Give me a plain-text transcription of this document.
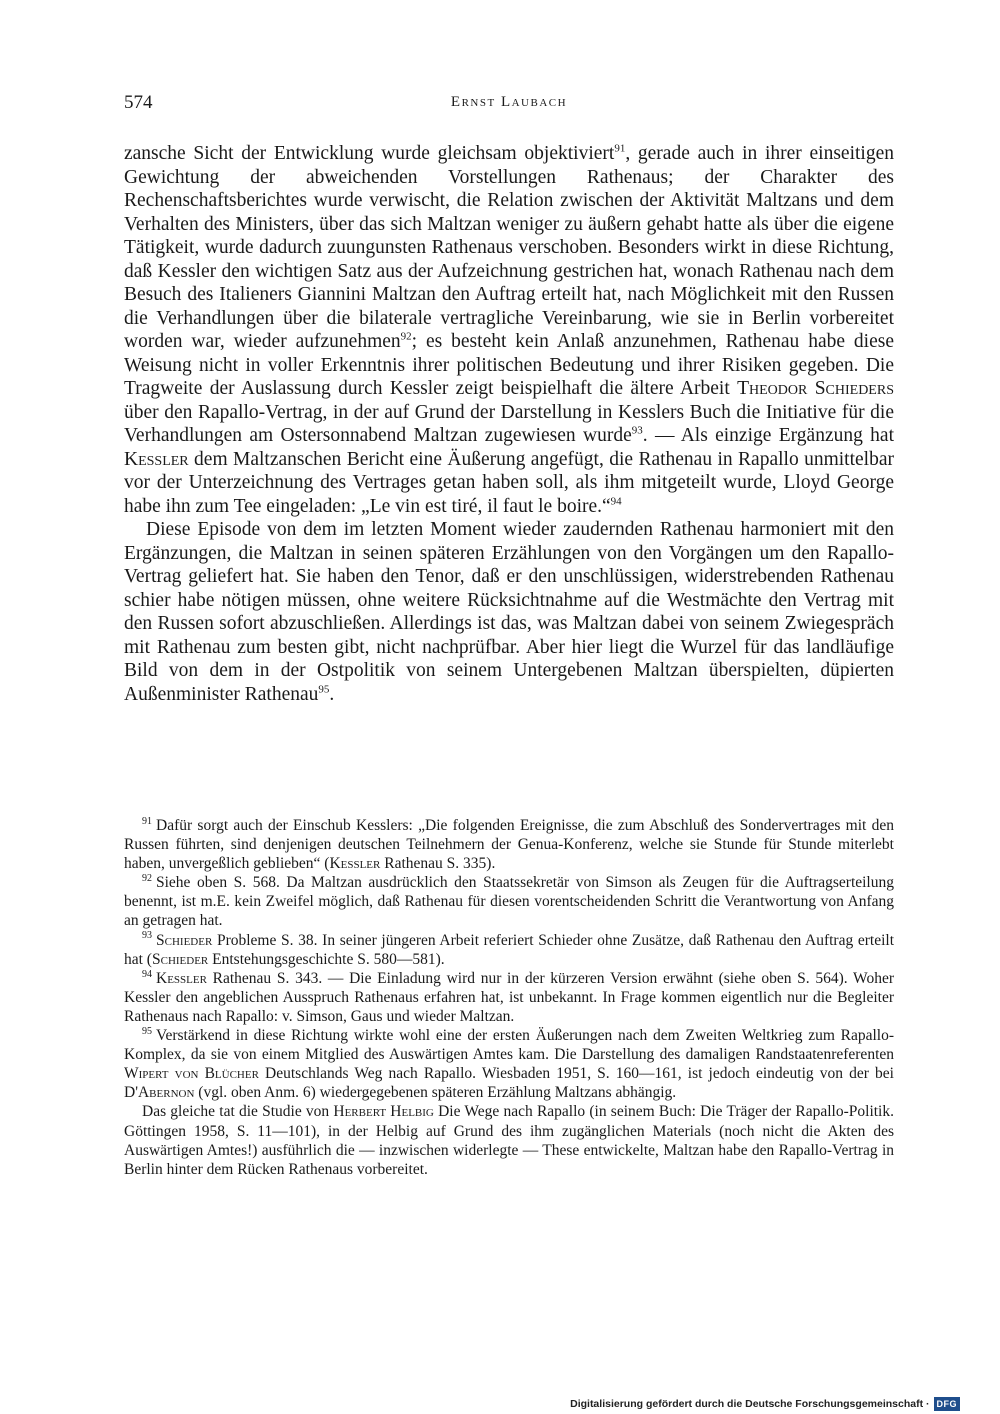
574	Ernst Laubach

zansche Sicht der Entwicklung wurde gleichsam objektiviert$^{91}$, gerade auch in ihrer einseitigen Gewichtung der abweichenden Vorstellungen Rathenaus; der Charakter des Rechenschaftsberichtes wurde verwischt, die Relation zwischen der Aktivität Maltzans und dem Verhalten des Ministers, über das sich Maltzan weniger zu äußern gehabt hatte als über die eigene Tätigkeit, wurde dadurch zuungunsten Rathenaus verschoben. Besonders wirkt in diese Richtung, daß Kessler den wichtigen Satz aus der Aufzeichnung gestrichen hat, wonach Rathenau nach dem Besuch des Italieners Giannini Maltzan den Auftrag erteilt hat, nach Möglichkeit mit den Russen die Verhandlungen über die bilaterale vertragliche Vereinbarung, wie sie in Berlin vorbereitet worden war, wieder aufzunehmen$^{92}$; es besteht kein Anlaß anzunehmen, Rathenau habe diese Weisung nicht in voller Erkenntnis ihrer politischen Bedeutung und ihrer Risiken gegeben. Die Tragweite der Auslassung durch Kessler zeigt beispielhaft die ältere Arbeit Theodor Schieders über den Rapallo-Vertrag, in der auf Grund der Darstellung in Kesslers Buch die Initiative für die Verhandlungen am Ostersonnabend Maltzan zugewiesen wurde$^{93}$. — Als einzige Ergänzung hat Kessler dem Maltzanschen Bericht eine Äußerung angefügt, die Rathenau in Rapallo unmittelbar vor der Unterzeichnung des Vertrages getan haben soll, als ihm mitgeteilt wurde, Lloyd George habe ihn zum Tee eingeladen: „Le vin est tiré, il faut le boire.“$^{94}$

Diese Episode von dem im letzten Moment wieder zaudernden Rathenau harmoniert mit den Ergänzungen, die Maltzan in seinen späteren Erzählungen von den Vorgängen um den Rapallo-Vertrag geliefert hat. Sie haben den Tenor, daß er den unschlüssigen, widerstrebenden Rathenau schier habe nötigen müssen, ohne weitere Rücksichtnahme auf die Westmächte den Vertrag mit den Russen sofort abzuschließen. Allerdings ist das, was Maltzan dabei von seinem Zwiegespräch mit Rathenau zum besten gibt, nicht nachprüfbar. Aber hier liegt die Wurzel für das landläufige Bild von dem in der Ostpolitik von seinem Untergebenen Maltzan überspielten, düpierten Außenminister Rathenau$^{95}$.

$^{91}$ Dafür sorgt auch der Einschub Kesslers: „Die folgenden Ereignisse, die zum Abschluß des Sondervertrages mit den Russen führten, sind denjenigen deutschen Teilnehmern der Genua-Konferenz, welche sie Stunde für Stunde miterlebt haben, unvergeßlich geblieben“ (Kessler Rathenau S. 335).

$^{92}$ Siehe oben S. 568. Da Maltzan ausdrücklich den Staatssekretär von Simson als Zeugen für die Auftragserteilung benennt, ist m.E. kein Zweifel möglich, daß Rathenau für diesen vorentscheidenden Schritt die Verantwortung von Anfang an getragen hat.

$^{93}$ Schieder Probleme S. 38. In seiner jüngeren Arbeit referiert Schieder ohne Zusätze, daß Rathenau den Auftrag erteilt hat (Schieder Entstehungsgeschichte S. 580—581).

$^{94}$ Kessler Rathenau S. 343. — Die Einladung wird nur in der kürzeren Version erwähnt (siehe oben S. 564). Woher Kessler den angeblichen Ausspruch Rathenaus erfahren hat, ist unbekannt. In Frage kommen eigentlich nur die Begleiter Rathenaus nach Rapallo: v. Simson, Gaus und wieder Maltzan.

$^{95}$ Verstärkend in diese Richtung wirkte wohl eine der ersten Äußerungen nach dem Zweiten Weltkrieg zum Rapallo-Komplex, da sie von einem Mitglied des Auswärtigen Amtes kam. Die Darstellung des damaligen Randstaatenreferenten Wipert von Blücher Deutschlands Weg nach Rapallo. Wiesbaden 1951, S. 160—161, ist jedoch eindeutig von der bei D'Abernon (vgl. oben Anm. 6) wiedergegebenen späteren Erzählung Maltzans abhängig.

Das gleiche tat die Studie von Herbert Helbig Die Wege nach Rapallo (in seinem Buch: Die Träger der Rapallo-Politik. Göttingen 1958, S. 11—101), in der Helbig auf Grund des ihm zugänglichen Materials (noch nicht die Akten des Auswärtigen Amtes!) ausführlich die — inzwischen widerlegte — These entwickelte, Maltzan habe den Rapallo-Vertrag in Berlin hinter dem Rücken Rathenaus vorbereitet.

Digitalisierung gefördert durch die Deutsche Forschungsgemeinschaft · DFG
